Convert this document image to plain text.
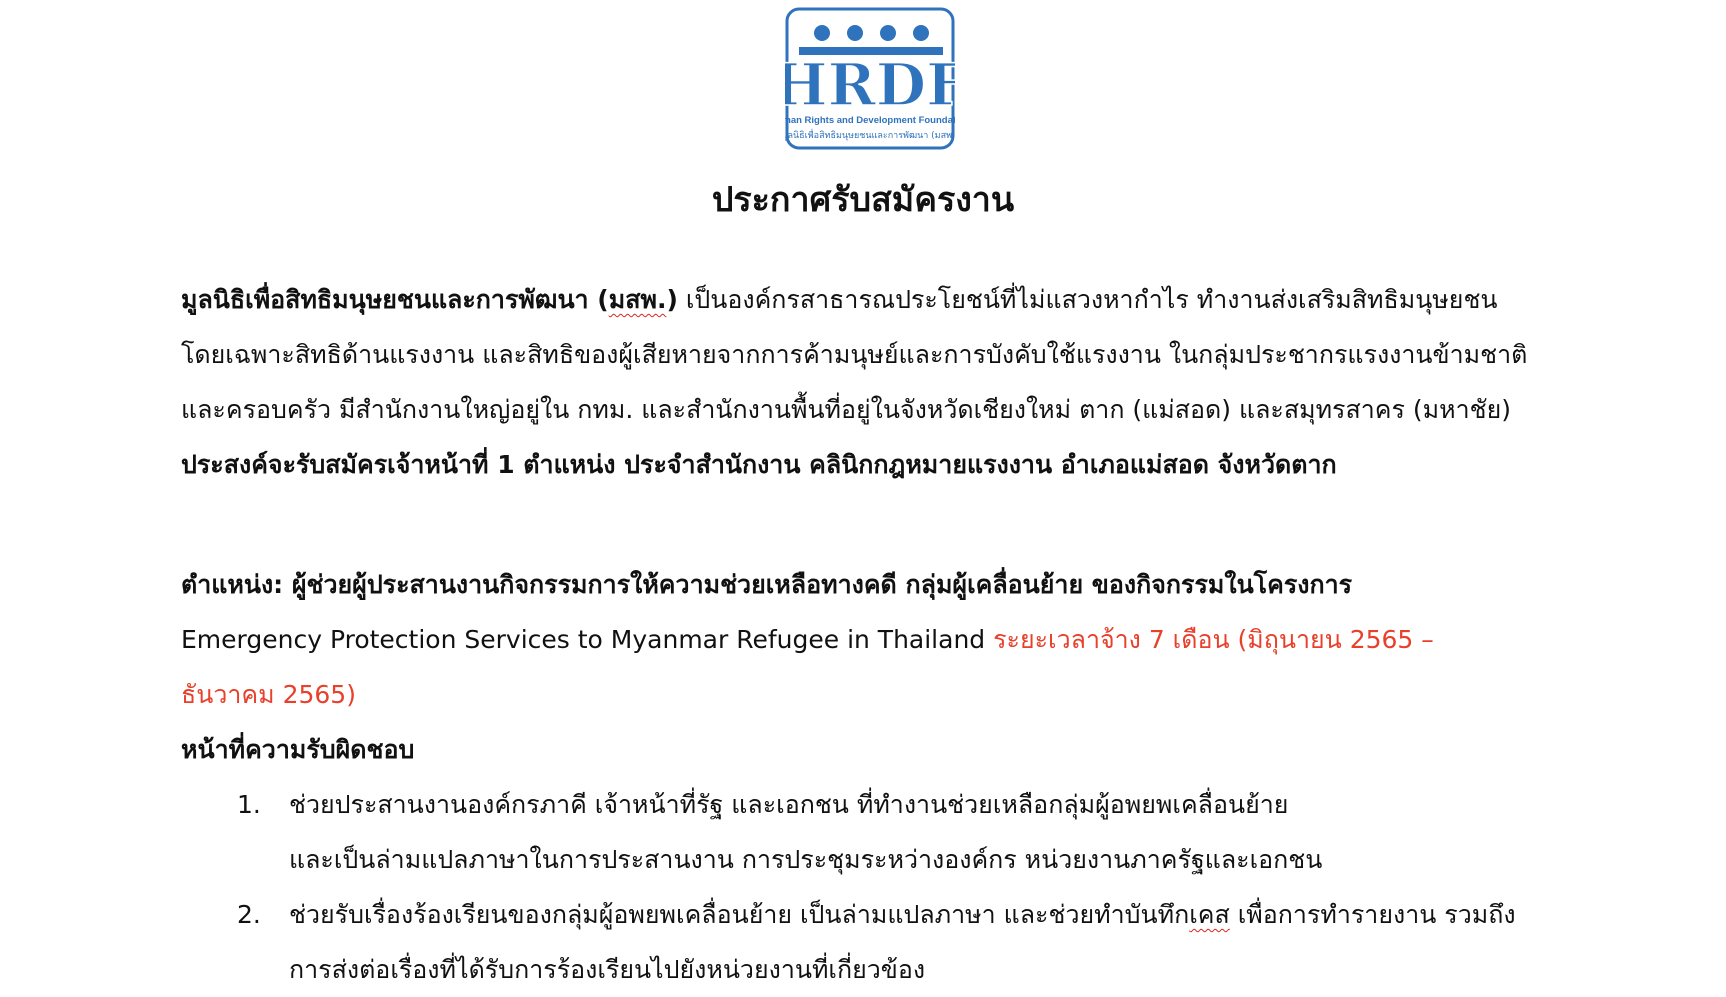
HRDF
man Rights and Development Foundat
มูลนิธิเพื่อสิทธิมนุษยชนและการพัฒนา (มสพ.)
ประกาศรับสมัครงาน
มูลนิธิเพื่อสิทธิมนุษยชนและการพัฒนา (มสพ.) เป็นองค์กรสาธารณประโยชน์ที่ไม่แสวงหากำไร ทำงานส่งเสริมสิทธิมนุษยชน
โดยเฉพาะสิทธิด้านแรงงาน และสิทธิของผู้เสียหายจากการค้ามนุษย์และการบังคับใช้แรงงาน ในกลุ่มประชากรแรงงานข้ามชาติ
และครอบครัว มีสำนักงานใหญ่อยู่ใน กทม. และสำนักงานพื้นที่อยู่ในจังหวัดเชียงใหม่ ตาก (แม่สอด) และสมุทรสาคร (มหาชัย)
ประสงค์จะรับสมัครเจ้าหน้าที่ 1 ตำแหน่ง ประจำสำนักงาน คลินิกกฎหมายแรงงาน อำเภอแม่สอด จังหวัดตาก
ตำแหน่ง: ผู้ช่วยผู้ประสานงานกิจกรรมการให้ความช่วยเหลือทางคดี กลุ่มผู้เคลื่อนย้าย ของกิจกรรมในโครงการ
Emergency Protection Services to Myanmar Refugee in Thailand ระยะเวลาจ้าง 7 เดือน (มิถุนายน 2565 –
ธันวาคม 2565)
หน้าที่ความรับผิดชอบ
1. ช่วยประสานงานองค์กรภาคี เจ้าหน้าที่รัฐ และเอกชน ที่ทำงานช่วยเหลือกลุ่มผู้อพยพเคลื่อนย้าย
และเป็นล่ามแปลภาษาในการประสานงาน การประชุมระหว่างองค์กร หน่วยงานภาครัฐและเอกชน
2. ช่วยรับเรื่องร้องเรียนของกลุ่มผู้อพยพเคลื่อนย้าย เป็นล่ามแปลภาษา และช่วยทำบันทึกเคส เพื่อการทำรายงาน รวมถึง
การส่งต่อเรื่องที่ได้รับการร้องเรียนไปยังหน่วยงานที่เกี่ยวข้อง
